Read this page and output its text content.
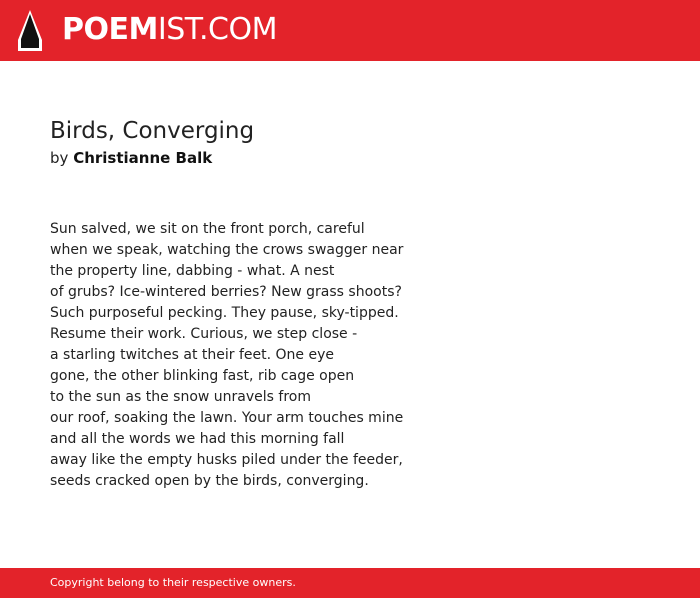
POEMIST.COM
Birds, Converging
by Christianne Balk
Sun salved, we sit on the front porch, careful
when we speak, watching the crows swagger near
the property line, dabbing - what. A nest
of grubs? Ice-wintered berries? New grass shoots?
Such purposeful pecking. They pause, sky-tipped.
Resume their work. Curious, we step close -
a starling twitches at their feet. One eye
gone, the other blinking fast, rib cage open
to the sun as the snow unravels from
our roof, soaking the lawn. Your arm touches mine
and all the words we had this morning fall
away like the empty husks piled under the feeder,
seeds cracked open by the birds, converging.
Copyright belong to their respective owners.
